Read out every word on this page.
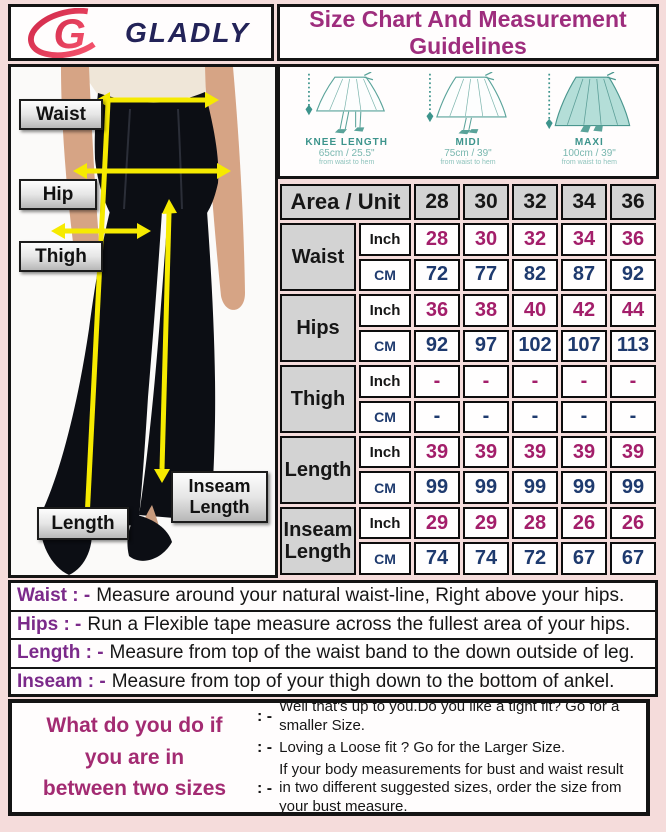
G GLADLY	Size Chart And Measurement Guidelines
Waist
Hip
Thigh
Length
Inseam Length
KNEE LENGTH
65cm / 25.5"
from waist to hem
MIDI
75cm / 39"
from waist to hem
MAXI
100cm / 39"
from waist to hem
Area / Unit		28	30	32	34	36
Waist	Inch	28	30	32	34	36
	CM	72	77	82	87	92
Hips	Inch	36	38	40	42	44
	CM	92	97	102	107	113
Thigh	Inch	-	-	-	-	-
	CM	-	-	-	-	-
Length	Inch	39	39	39	39	39
	CM	99	99	99	99	99
Inseam Length	Inch	29	29	28	26	26
	CM	74	74	72	67	67
Waist : - Measure around your natural waist-line, Right above your hips.
Hips : - Run a Flexible tape measure across the fullest area of your hips.
Length : - Measure from top of the waist band to the down outside of leg.
Inseam : - Measure from top of your thigh down to the bottom of ankel.
What do you do if
you are in
between two sizes
: -
Well that's up to you.Do you like a tight fit? Go for a smaller Size.
: - Loving a Loose fit ? Go for the Larger Size.
: -
If your body measurements for bust and waist result in two different suggested sizes, order the size from your bust measure.
